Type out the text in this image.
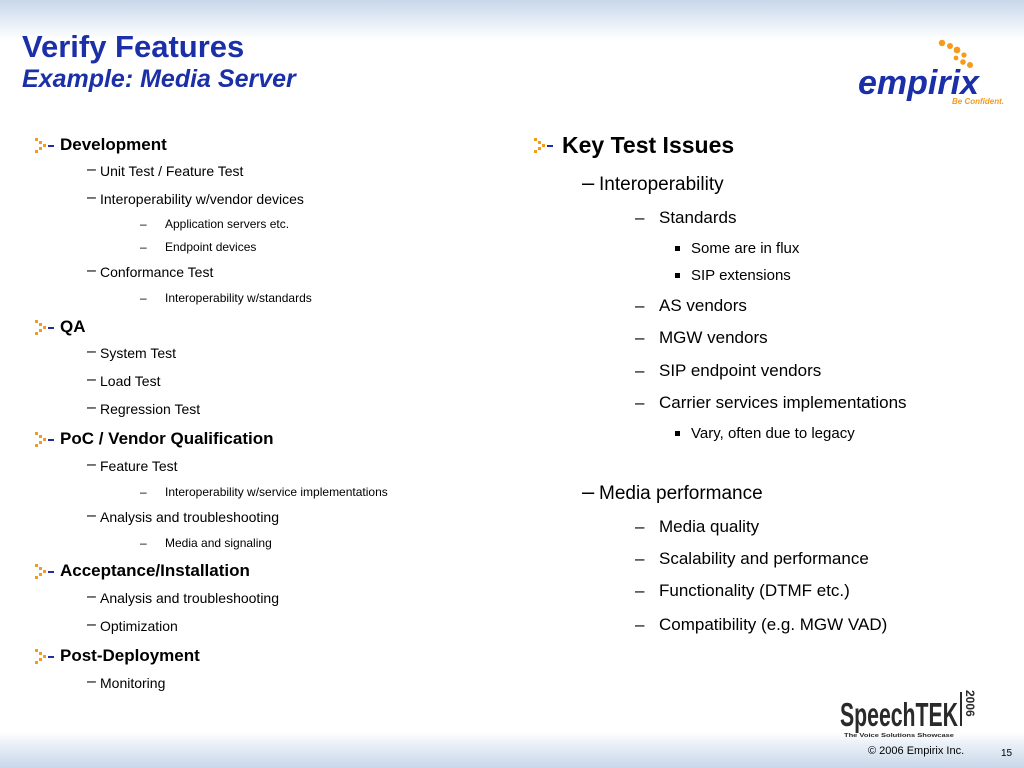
Verify Features
Example: Media Server	empirix
Be Confident.
Development
– Unit Test / Feature Test
– Interoperability w/vendor devices
– Application servers etc.
– Endpoint devices
– Conformance Test
– Interoperability w/standards
QA
– System Test
– Load Test
– Regression Test
PoC / Vendor Qualification
– Feature Test
– Interoperability w/service implementations
– Analysis and troubleshooting
– Media and signaling
Acceptance/Installation
– Analysis and troubleshooting
– Optimization
Post-Deployment
– Monitoring
Key Test Issues
– Interoperability
– Standards
Some are in flux
SIP extensions
– AS vendors
– MGW vendors
– SIP endpoint vendors
– Carrier services implementations
Vary, often due to legacy
– Media performance
– Media quality
– Scalability and performance
– Functionality (DTMF etc.)
– Compatibility (e.g. MGW VAD)
SpeechTEK 2006
The Voice Solutions Showcase
© 2006 Empirix Inc.	15
